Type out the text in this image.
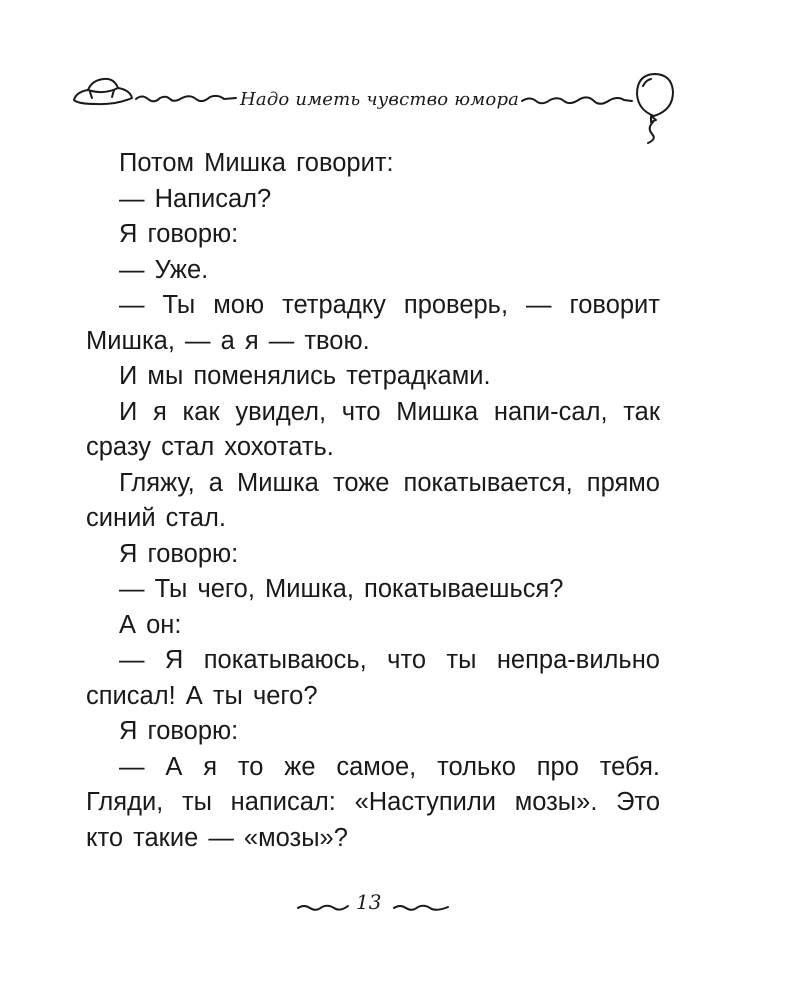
Надо иметь чувство юмора

Потом Мишка говорит:

— Написал?

Я говорю:

— Уже.

— Ты мою тетрадку проверь, — говорит Мишка, — а я — твою.

И мы поменялись тетрадками.

И я как увидел, что Мишка напи-сал, так сразу стал хохотать.

Гляжу, а Мишка тоже покатывается, прямо синий стал.

Я говорю:

— Ты чего, Мишка, покатываешься?

А он:

— Я покатываюсь, что ты непра-вильно списал! А ты чего?

Я говорю:

— А я то же самое, только про тебя. Гляди, ты написал: «Наступили мозы». Это кто такие — «мозы»?

13
